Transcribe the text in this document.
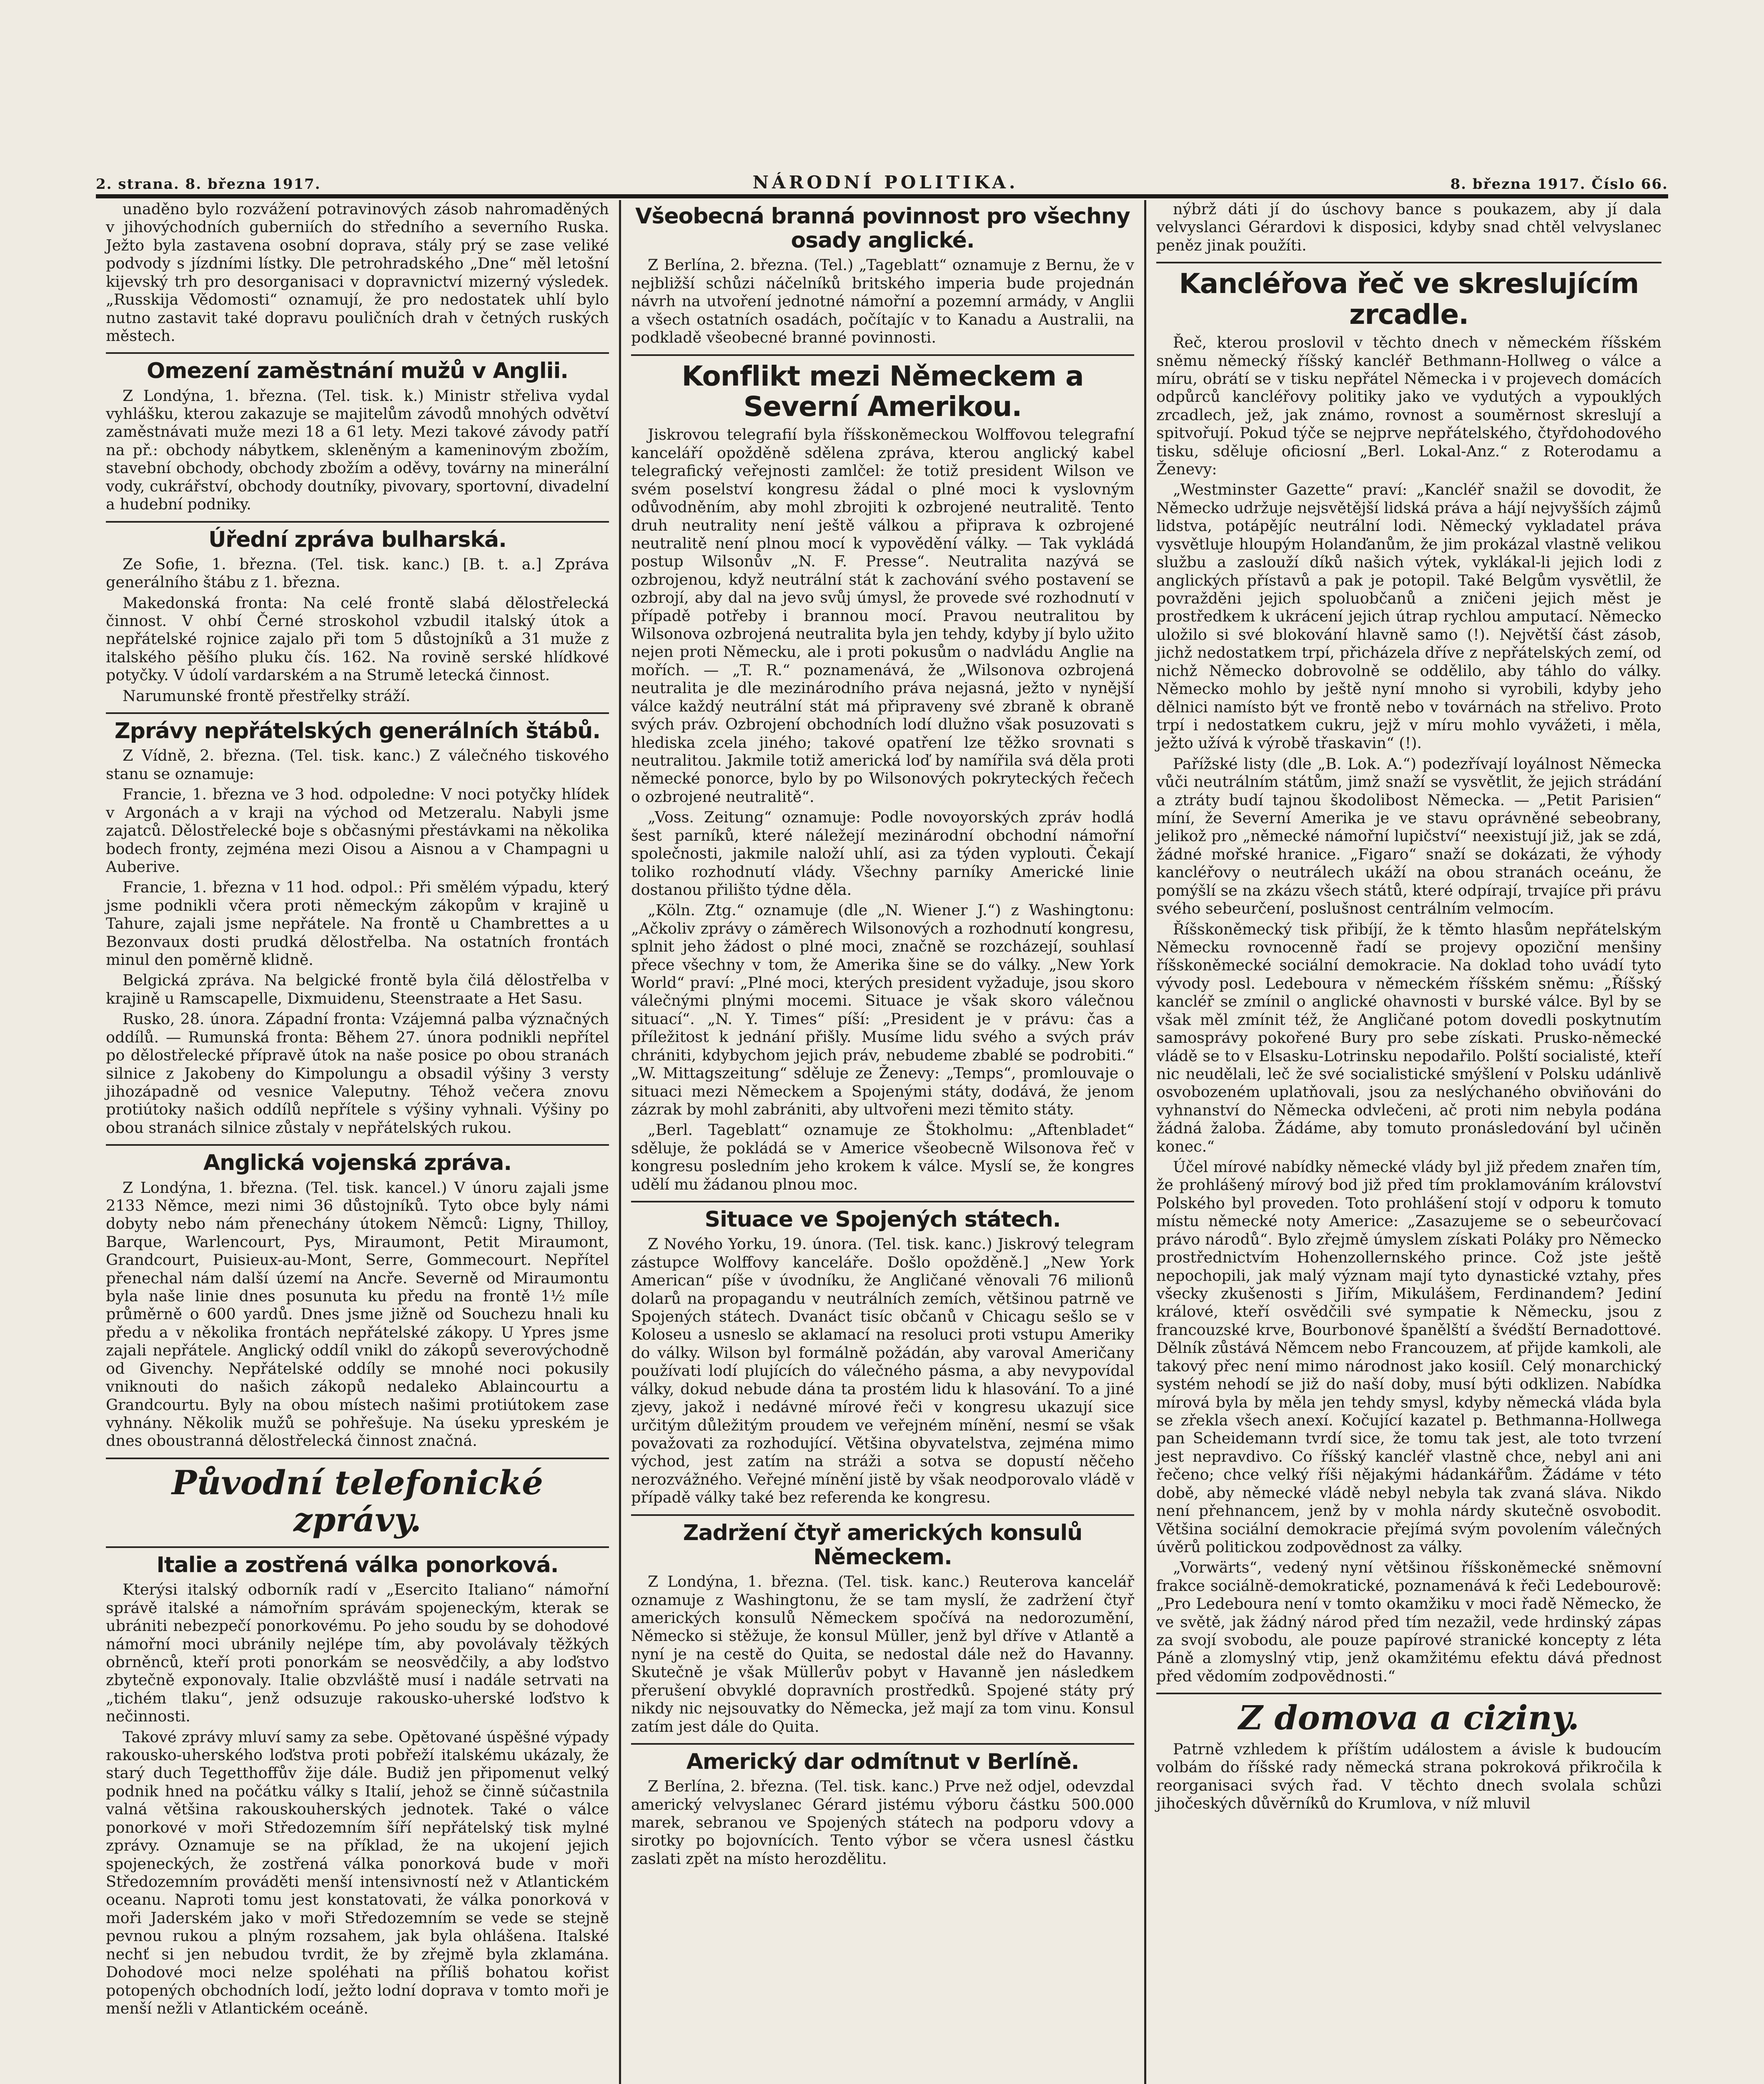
2. strana. 8. března 1917.	NÁRODNÍ POLITIKA.	8. března 1917. Číslo 66.

unaděno bylo rozvážení potravinových zásob nahromaděných v jihovýchodních guberniích do středního a severního Ruska. Ježto byla zastavena osobní doprava, stály prý se zase veliké podvody s jízdními lístky. Dle petrohradského „Dne“ měl letošní kijevský trh pro desorganisaci v dopravnictví mizerný výsledek. „Russkija Vědomosti“ oznamují, že pro nedostatek uhlí bylo nutno zastavit také dopravu pouličních drah v četných ruských městech.

Omezení zaměstnání mužů v Anglii.

Z Londýna, 1. března. (Tel. tisk. k.) Ministr střeliva vydal vyhlášku, kterou zakazuje se majitelům závodů mnohých odvětví zaměstnávati muže mezi 18 a 61 lety. Mezi takové závody patří na př.: obchody nábytkem, skleněným a kameninovým zbožím, stavební obchody, obchody zbožím a oděvy, továrny na minerální vody, cukrářství, obchody doutníky, pivovary, sportovní, divadelní a hudební podniky.

Úřední zpráva bulharská.

Ze Sofie, 1. března. (Tel. tisk. kanc.) [B. t. a.] Zpráva generálního štábu z 1. března.

Makedonská fronta: Na celé frontě slabá dělostřelecká činnost. V ohbí Černé stroskohol vzbudil italský útok a nepřátelské rojnice zajalo při tom 5 důstojníků a 31 muže z italského pěšího pluku čís. 162. Na rovině serské hlídkové potyčky. V údolí vardarském a na Strumě letecká činnost.

Narumunské frontě přestřelky stráží.

Zprávy nepřátelských generálních štábů.

Z Vídně, 2. března. (Tel. tisk. kanc.) Z válečného tiskového stanu se oznamuje:

Francie, 1. března ve 3 hod. odpoledne: V noci potyčky hlídek v Argonách a v kraji na východ od Metzeralu. Nabyli jsme zajatců. Dělostřelecké boje s občasnými přestávkami na několika bodech fronty, zejména mezi Oisou a Aisnou a v Champagni u Auberive.

Francie, 1. března v 11 hod. odpol.: Při smělém výpadu, který jsme podnikli včera proti německým zákopům v krajině u Tahure, zajali jsme nepřátele. Na frontě u Chambrettes a u Bezonvaux dosti prudká dělostřelba. Na ostatních frontách minul den poměrně klidně.

Belgická zpráva. Na belgické frontě byla čilá dělostřelba v krajině u Ramscapelle, Dixmuidenu, Steenstraate a Het Sasu.

Rusko, 28. února. Západní fronta: Vzájemná palba význačných oddílů. — Rumunská fronta: Během 27. února podnikli nepřítel po dělostřelecké přípravě útok na naše posice po obou stranách silnice z Jakobeny do Kimpolungu a obsadil výšiny 3 versty jihozápadně od vesnice Valeputny. Téhož večera znovu protiútoky našich oddílů nepřítele s výšiny vyhnali. Výšiny po obou stranách silnice zůstaly v nepřátelských rukou.

Anglická vojenská zpráva.

Z Londýna, 1. března. (Tel. tisk. kancel.) V únoru zajali jsme 2133 Němce, mezi nimi 36 důstojníků. Tyto obce byly námi dobyty nebo nám přenechány útokem Němců: Ligny, Thilloy, Barque, Warlencourt, Pys, Miraumont, Petit Miraumont, Grandcourt, Puisieux-au-Mont, Serre, Gommecourt. Nepřítel přenechal nám další území na Ancře. Severně od Miraumontu byla naše linie dnes posunuta ku předu na frontě 1½ míle průměrně o 600 yardů. Dnes jsme jižně od Souchezu hnali ku předu a v několika frontách nepřátelské zákopy. U Ypres jsme zajali nepřátele. Anglický oddíl vnikl do zákopů severovýchodně od Givenchy. Nepřátelské oddíly se mnohé noci pokusily vniknouti do našich zákopů nedaleko Ablaincourtu a Grandcourtu. Byly na obou místech našimi protiútokem zase vyhnány. Několik mužů se pohřešuje. Na úseku ypreském je dnes oboustranná dělostřelecká činnost značná.

Původní telefonické zprávy.
Italie a zostřená válka ponorková.

Kterýsi italský odborník radí v „Esercito Italiano“ námořní správě italské a námořním správám spojeneckým, kterak se ubrániti nebezpečí ponorkovému. Po jeho soudu by se dohodové námořní moci ubránily nejlépe tím, aby povolávaly těžkých obrněnců, kteří proti ponorkám se neosvědčily, a aby loďstvo zbytečně exponovaly. Italie obzvláště musí i nadále setrvati na „tichém tlaku“, jenž odsuzuje rakousko-uherské loďstvo k nečinnosti.

Takové zprávy mluví samy za sebe. Opětované úspěšné výpady rakousko-uherského loďstva proti pobřeží italskému ukázaly, že starý duch Tegetthoffův žije dále. Budiž jen připomenut velký podnik hned na počátku války s Italií, jehož se činně súčastnila valná většina rakouskouherských jednotek. Také o válce ponorkové v moři Středozemním šíří nepřátelský tisk mylné zprávy. Oznamuje se na příklad, že na ukojení jejich spojeneckých, že zostřená válka ponorková bude v moři Středozemním prováděti menší intensivností než v Atlantickém oceanu. Naproti tomu jest konstatovati, že válka ponorková v moři Jaderském jako v moři Středozemním se vede se stejně pevnou rukou a plným rozsahem, jak byla ohlášena. Italské nechť si jen nebudou tvrdit, že by zřejmě byla zklamána. Dohodové moci nelze spoléhati na příliš bohatou kořist potopených obchodních lodí, ježto lodní doprava v tomto moři je menší nežli v Atlantickém oceáně.

Všeobecná branná povinnost pro všechny osady anglické.

Z Berlína, 2. března. (Tel.) „Tageblatt“ oznamuje z Bernu, že v nejbližší schůzi náčelníků britského imperia bude projednán návrh na utvoření jednotné námořní a pozemní armády, v Anglii a všech ostatních osadách, počítajíc v to Kanadu a Australii, na podkladě všeobecné branné povinnosti.

Konflikt mezi Německem a Severní Amerikou.

Jiskrovou telegrafií byla říšskoněmeckou Wolffovou telegrafní kanceláří opožděně sdělena zpráva, kterou anglický kabel telegrafický veřejnosti zamlčel: že totiž president Wilson ve svém poselství kongresu žádal o plné moci k vyslovným odůvodněním, aby mohl zbrojiti k ozbrojené neutralitě. Tento druh neutrality není ještě válkou a připrava k ozbrojené neutralitě není plnou mocí k vypovědění války. — Tak vykládá postup Wilsonův „N. F. Presse“. Neutralita nazývá se ozbrojenou, když neutrální stát k zachování svého postavení se ozbrojí, aby dal na jevo svůj úmysl, že provede své rozhodnutí v případě potřeby i brannou mocí. Pravou neutralitou by Wilsonova ozbrojená neutralita byla jen tehdy, kdyby jí bylo užito nejen proti Německu, ale i proti pokusům o nadvládu Anglie na mořích. — „T. R.“ poznamenává, že „Wilsonova ozbrojená neutralita je dle mezinárodního práva nejasná, ježto v nynější válce každý neutrální stát má připraveny své zbraně k obraně svých práv. Ozbrojení obchodních lodí dlužno však posuzovati s hlediska zcela jiného; takové opatření lze těžko srovnati s neutralitou. Jakmile totiž americká loď by namířila svá děla proti německé ponorce, bylo by po Wilsonových pokryteckých řečech o ozbrojené neutralitě“.

„Voss. Zeitung“ oznamuje: Podle novoyorských zpráv hodlá šest parníků, které náležejí mezinárodní obchodní námořní společnosti, jakmile naloží uhlí, asi za týden vyplouti. Čekají toliko rozhodnutí vlády. Všechny parníky Americké linie dostanou přilišto týdne děla.

„Köln. Ztg.“ oznamuje (dle „N. Wiener J.“) z Washingtonu: „Ačkoliv zprávy o záměrech Wilsonových a rozhodnutí kongresu, splnit jeho žádost o plné moci, značně se rozcházejí, souhlasí přece všechny v tom, že Amerika šine se do války. „New York World“ praví: „Plné moci, kterých president vyžaduje, jsou skoro válečnými plnými mocemi. Situace je však skoro válečnou situací“. „N. Y. Times“ píší: „President je v právu: čas a příležitost k jednání přišly. Musíme lidu svého a svých práv chrániti, kdybychom jejich práv, nebudeme zbablé se podrobiti.“ „W. Mittagszeitung“ sděluje ze Ženevy: „Temps“, promlouvaje o situaci mezi Německem a Spojenými státy, dodává, že jenom zázrak by mohl zabrániti, aby ultvořeni mezi těmito státy.

„Berl. Tageblatt“ oznamuje ze Štokholmu: „Aftenbladet“ sděluje, že pokládá se v Americe všeobecně Wilsonova řeč v kongresu posledním jeho krokem k válce. Myslí se, že kongres udělí mu žádanou plnou moc.

Situace ve Spojených státech.

Z Nového Yorku, 19. února. (Tel. tisk. kanc.) Jiskrový telegram zástupce Wolffovy kanceláře. Došlo opožděně.] „New York American“ píše v úvodníku, že Angličané věnovali 76 milionů dolarů na propagandu v neutrálních zemích, většinou patrně ve Spojených státech. Dvanáct tisíc občanů v Chicagu sešlo se v Koloseu a usneslo se aklamací na resoluci proti vstupu Ameriky do války. Wilson byl formálně požádán, aby varoval Američany používati lodí plujících do válečného pásma, a aby nevypovídal války, dokud nebude dána ta prostém lidu k hlasování. To a jiné zjevy, jakož i nedávné mírové řeči v kongresu ukazují sice určitým důležitým proudem ve veřejném mínění, nesmí se však považovati za rozhodující. Většina obyvatelstva, zejména mimo východ, jest zatím na stráži a sotva se dopustí něčeho nerozvážného. Veřejné mínění jistě by však neodporovalo vládě v případě války také bez referenda ke kongresu.

Zadržení čtyř amerických konsulů Německem.

Z Londýna, 1. března. (Tel. tisk. kanc.) Reuterova kancelář oznamuje z Washingtonu, že se tam myslí, že zadržení čtyř amerických konsulů Německem spočívá na nedorozumění, Německo si stěžuje, že konsul Müller, jenž byl dříve v Atlantě a nyní je na cestě do Quita, se nedostal dále než do Havanny. Skutečně je však Müllerův pobyt v Havanně jen následkem přerušení obvyklé dopravních prostředků. Spojené státy prý nikdy nic nejsouvatky do Německa, jež mají za tom vinu. Konsul zatím jest dále do Quita.

Americký dar odmítnut v Berlíně.

Z Berlína, 2. března. (Tel. tisk. kanc.) Prve než odjel, odevzdal americký velvyslanec Gérard jistému výboru částku 500.000 marek, sebranou ve Spojených státech na podporu vdovy a sirotky po bojovnících. Tento výbor se včera usnesl částku zaslati zpět na místo herozdělitu.

nýbrž dáti jí do úschovy bance s poukazem, aby jí dala velvyslanci Gérardovi k disposici, kdyby snad chtěl velvyslanec peněz jinak použíti.

Kancléřova řeč ve skreslujícím zrcadle.

Řeč, kterou proslovil v těchto dnech v německém říšském sněmu německý říšský kancléř Bethmann-Hollweg o válce a míru, obrátí se v tisku nepřátel Německa i v projevech domácích odpůrců kancléřovy politiky jako ve vydutých a vypouklých zrcadlech, jež, jak známo, rovnost a souměrnost skreslují a spitvořují. Pokud týče se nejprve nepřátelského, čtyřdohodového tisku, sděluje oficiosní „Berl. Lokal-Anz.“ z Roterodamu a Ženevy:

„Westminster Gazette“ praví: „Kancléř snažil se dovodit, že Německo udržuje nejsvětější lidská práva a hájí nejvyšších zájmů lidstva, potápějíc neutrální lodi. Německý vykladatel práva vysvětluje hloupým Holanďanům, že jim prokázal vlastně velikou službu a zaslouží díků našich výtek, vyklákal-li jejich lodi z anglických přístavů a pak je potopil. Také Belgům vysvětlil, že povražděni jejich spoluobčanů a zničeni jejich měst je prostředkem k ukrácení jejich útrap rychlou amputací. Německo uložilo si své blokování hlavně samo (!). Největší část zásob, jichž nedostatkem trpí, přicházela dříve z nepřátelských zemí, od nichž Německo dobrovolně se oddělilo, aby táhlo do války. Německo mohlo by ještě nyní mnoho si vyrobili, kdyby jeho dělnici namísto být ve frontě nebo v továrnách na střelivo. Proto trpí i nedostatkem cukru, jejž v míru mohlo vyvážeti, i měla, ježto užívá k výrobě třaskavin“ (!).

Pařížské listy (dle „B. Lok. A.“) podezřívají loyálnost Německa vůči neutrálním státům, jimž snaží se vysvětlit, že jejich strádání a ztráty budí tajnou škodolibost Německa. — „Petit Parisien“ míní, že Severní Amerika je ve stavu oprávněné sebeobrany, jelikož pro „německé námořní lupičství“ neexistují již, jak se zdá, žádné mořské hranice. „Figaro“ snaží se dokázati, že výhody kancléřovy o neutrálech ukáží na obou stranách oceánu, že pomýšlí se na zkázu všech států, které odpírají, trvajíce při právu svého sebeurčení, poslušnost centrálním velmocím.

Říšskoněmecký tisk přibíjí, že k těmto hlasům nepřátelským Německu rovnocenně řadí se projevy opoziční menšiny říšskoněmecké sociální demokracie. Na doklad toho uvádí tyto vývody posl. Ledeboura v německém říšském sněmu: „Říšský kancléř se zmínil o anglické ohavnosti v burské válce. Byl by se však měl zmínit též, že Angličané potom dovedli poskytnutím samosprávy pokořené Bury pro sebe získati. Prusko-německé vládě se to v Elsasku-Lotrinsku nepodařilo. Polští socialisté, kteří nic neudělali, leč že své socialistické smýšlení v Polsku udánlivě osvobozeném uplatňovali, jsou za neslýchaného obviňováni do vyhnanství do Německa odvlečeni, ač proti nim nebyla podána žádná žaloba. Žádáme, aby tomuto pronásledování byl učiněn konec.“

Účel mírové nabídky německé vlády byl již předem znařen tím, že prohlášený mírový bod již před tím proklamováním království Polského byl proveden. Toto prohlášení stojí v odporu k tomuto místu německé noty Americe: „Zasazujeme se o sebeurčovací právo národů“. Bylo zřejmě úmyslem získati Poláky pro Německo prostřednictvím Hohenzollernského prince. Což jste ještě nepochopili, jak malý význam mají tyto dynastické vztahy, přes všecky zkušenosti s Jiřím, Mikulášem, Ferdinandem? Jediní králové, kteří osvědčili své sympatie k Německu, jsou z francouzské krve, Bourbonové španělští a švédští Bernadottové. Dělník zůstává Němcem nebo Francouzem, ať přijde kamkoli, ale takový přec není mimo národnost jako kosiíl. Celý monarchický systém nehodí se již do naší doby, musí býti odklizen. Nabídka mírová byla by měla jen tehdy smysl, kdyby německá vláda byla se zřekla všech anexí. Kočující kazatel p. Bethmanna-Hollwega pan Scheidemann tvrdí sice, že tomu tak jest, ale toto tvrzení jest nepravdivo. Co říšský kancléř vlastně chce, nebyl ani ani řečeno; chce velký říši nějakými hádankářům. Žádáme v této době, aby německé vládě nebyl nebyla tak zvaná sláva. Nikdo není přehnancem, jenž by v mohla nárdy skutečně osvobodit. Většina sociální demokracie přejímá svým povolením válečných úvěrů politickou zodpovědnost za války.

„Vorwärts“, vedený nyní většinou říšskoněmecké sněmovní frakce sociálně-demokratické, poznamenává k řeči Ledebourově: „Pro Ledeboura není v tomto okamžiku v moci řadě Německo, že ve světě, jak žádný národ před tím nezažil, vede hrdinský zápas za svojí svobodu, ale pouze papírové stranické koncepty z léta Páně a zlomyslný vtip, jenž okamžitému efektu dává přednost před vědomím zodpovědnosti.“

Z domova a ciziny.

Patrně vzhledem k příštím událostem a ávisle k budoucím volbám do říšské rady německá strana pokroková přikročila k reorganisaci svých řad. V těchto dnech svolala schůzi jihočeských důvěrníků do Krumlova, v níž mluvil
